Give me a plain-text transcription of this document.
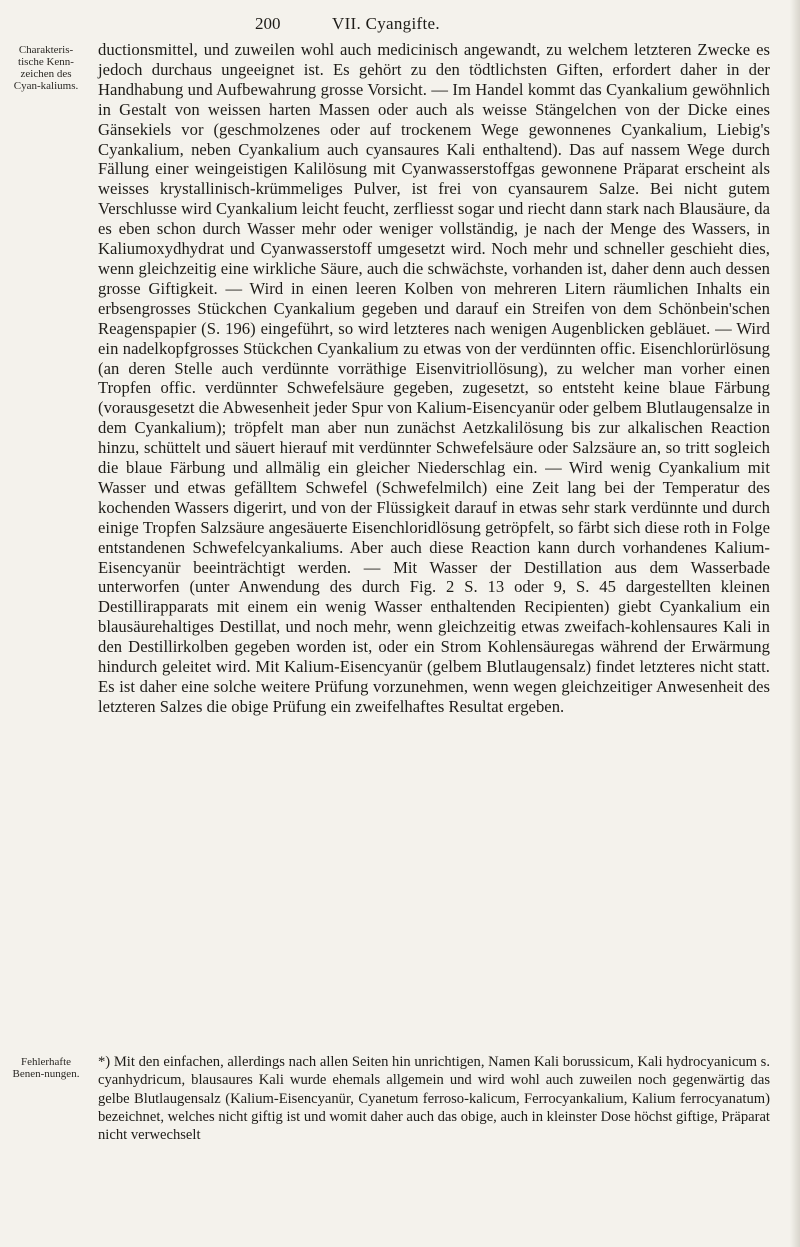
200	VII. Cyangifte.
Charakteris-tische Kenn-zeichen des Cyan-kaliums.

ductionsmittel, und zuweilen wohl auch medicinisch angewandt, zu welchem letzteren Zwecke es jedoch durchaus ungeeignet ist. Es gehört zu den tödtlichsten Giften, erfordert daher in der Handhabung und Aufbewahrung grosse Vorsicht. — Im Handel kommt das Cyankalium gewöhnlich in Gestalt von weissen harten Massen oder auch als weisse Stängelchen von der Dicke eines Gänsekiels vor (geschmolzenes oder auf trockenem Wege gewonnenes Cyankalium, Liebig's Cyankalium, neben Cyankalium auch cyansaures Kali enthaltend). Das auf nassem Wege durch Fällung einer weingeistigen Kalilösung mit Cyanwasserstoffgas gewonnene Präparat erscheint als weisses krystallinisch-krümmeliges Pulver, ist frei von cyansaurem Salze. Bei nicht gutem Verschlusse wird Cyankalium leicht feucht, zerfliesst sogar und riecht dann stark nach Blausäure, da es eben schon durch Wasser mehr oder weniger vollständig, je nach der Menge des Wassers, in Kaliumoxydhydrat und Cyanwasserstoff umgesetzt wird. Noch mehr und schneller geschieht dies, wenn gleichzeitig eine wirkliche Säure, auch die schwächste, vorhanden ist, daher denn auch dessen grosse Giftigkeit. — Wird in einen leeren Kolben von mehreren Litern räumlichen Inhalts ein erbsengrosses Stückchen Cyankalium gegeben und darauf ein Streifen von dem Schönbein'schen Reagenspapier (S. 196) eingeführt, so wird letzteres nach wenigen Augenblicken gebläuet. — Wird ein nadelkopfgrosses Stückchen Cyankalium zu etwas von der verdünnten offic. Eisenchlorürlösung (an deren Stelle auch verdünnte vorräthige Eisenvitriollösung), zu welcher man vorher einen Tropfen offic. verdünnter Schwefelsäure gegeben, zugesetzt, so entsteht keine blaue Färbung (vorausgesetzt die Abwesenheit jeder Spur von Kalium-Eisencyanür oder gelbem Blutlaugensalze in dem Cyankalium); tröpfelt man aber nun zunächst Aetzkalilösung bis zur alkalischen Reaction hinzu, schüttelt und säuert hierauf mit verdünnter Schwefelsäure oder Salzsäure an, so tritt sogleich die blaue Färbung und allmälig ein gleicher Niederschlag ein. — Wird wenig Cyankalium mit Wasser und etwas gefälltem Schwefel (Schwefelmilch) eine Zeit lang bei der Temperatur des kochenden Wassers digerirt, und von der Flüssigkeit darauf in etwas sehr stark verdünnte und durch einige Tropfen Salzsäure angesäuerte Eisenchloridlösung getröpfelt, so färbt sich diese roth in Folge entstandenen Schwefelcyankaliums. Aber auch diese Reaction kann durch vorhandenes Kalium-Eisencyanür beeinträchtigt werden. — Mit Wasser der Destillation aus dem Wasserbade unterworfen (unter Anwendung des durch Fig. 2 S. 13 oder 9, S. 45 dargestellten kleinen Destillirapparats mit einem ein wenig Wasser enthaltenden Recipienten) giebt Cyankalium ein blausäurehaltiges Destillat, und noch mehr, wenn gleichzeitig etwas zweifach-kohlensaures Kali in den Destillirkolben gegeben worden ist, oder ein Strom Kohlensäuregas während der Erwärmung hindurch geleitet wird. Mit Kalium-Eisencyanür (gelbem Blutlaugensalz) findet letzteres nicht statt. Es ist daher eine solche weitere Prüfung vorzunehmen, wenn wegen gleichzeitiger Anwesenheit des letzteren Salzes die obige Prüfung ein zweifelhaftes Resultat ergeben.

Fehlerhafte Benen-nungen.

*) Mit den einfachen, allerdings nach allen Seiten hin unrichtigen, Namen Kali borussicum, Kali hydrocyanicum s. cyanhydricum, blausaures Kali wurde ehemals allgemein und wird wohl auch zuweilen noch gegenwärtig das gelbe Blutlaugensalz (Kalium-Eisencyanür, Cyanetum ferroso-kalicum, Ferrocyankalium, Kalium ferrocyanatum) bezeichnet, welches nicht giftig ist und womit daher auch das obige, auch in kleinster Dose höchst giftige, Präparat nicht verwechselt
